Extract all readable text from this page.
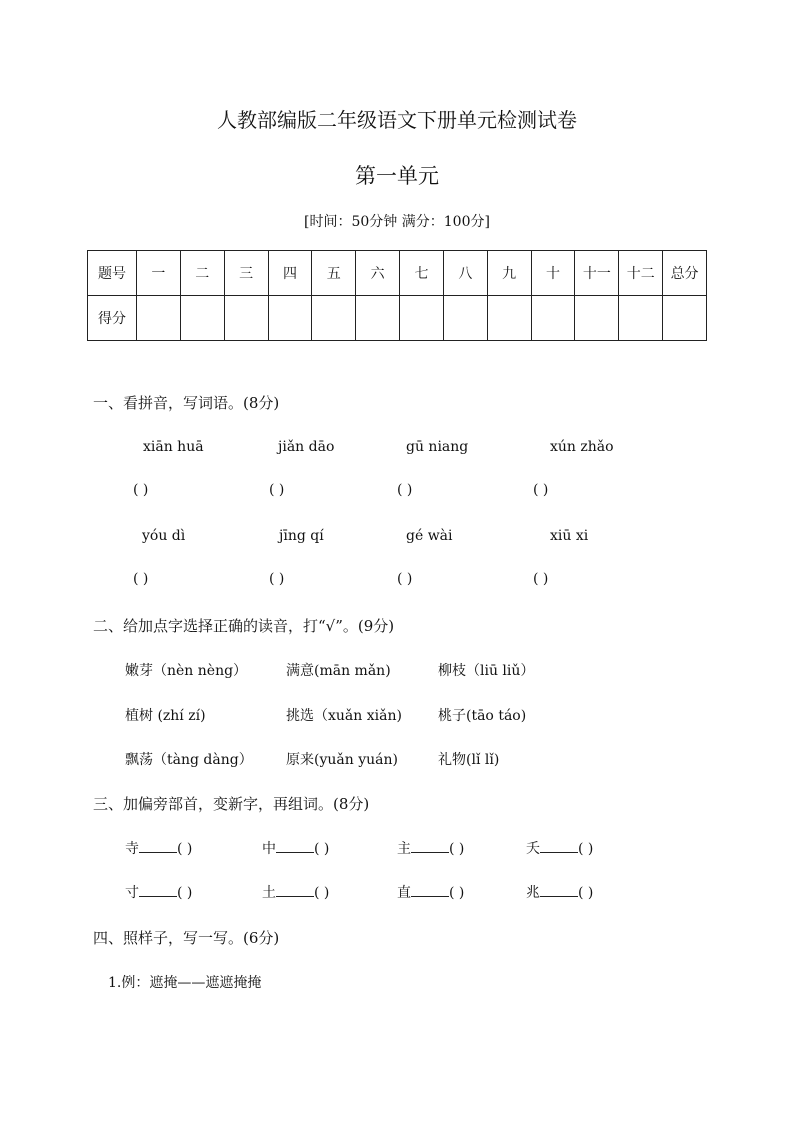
人教部编版二年级语文下册单元检测试卷
第一单元
[时间：50分钟 满分：100分]
题号	一	二	三	四	五	六	七	八	九	十	十一	十二	总分
得分													
一、看拼音，写词语。(8分)
xiān huā	jiǎn dāo	gū niang	xún zhǎo
( )	( )	( )	( )
yóu dì	jīng qí	gé wài	xiū xi
( )	( )	( )	( )
二、给加点字选择正确的读音，打“√”。(9分)
嫩芽（nèn nèng）	满意(mān mǎn)	柳枝（liū liǔ）
植树 (zhí zí)	挑选（xuǎn xiǎn)	桃子(tāo táo)
飘荡（tàng dàng） 原来(yuǎn yuán)	礼物(lǐ lǐ)
三、加偏旁部首，变新字，再组词。(8分)
寺	( )	中	( )	主	( )	夭	( )
寸	( )	土	( )	直	( )	兆	( )
四、照样子，写一写。(6分)
1.例：遮掩——遮遮掩掩
